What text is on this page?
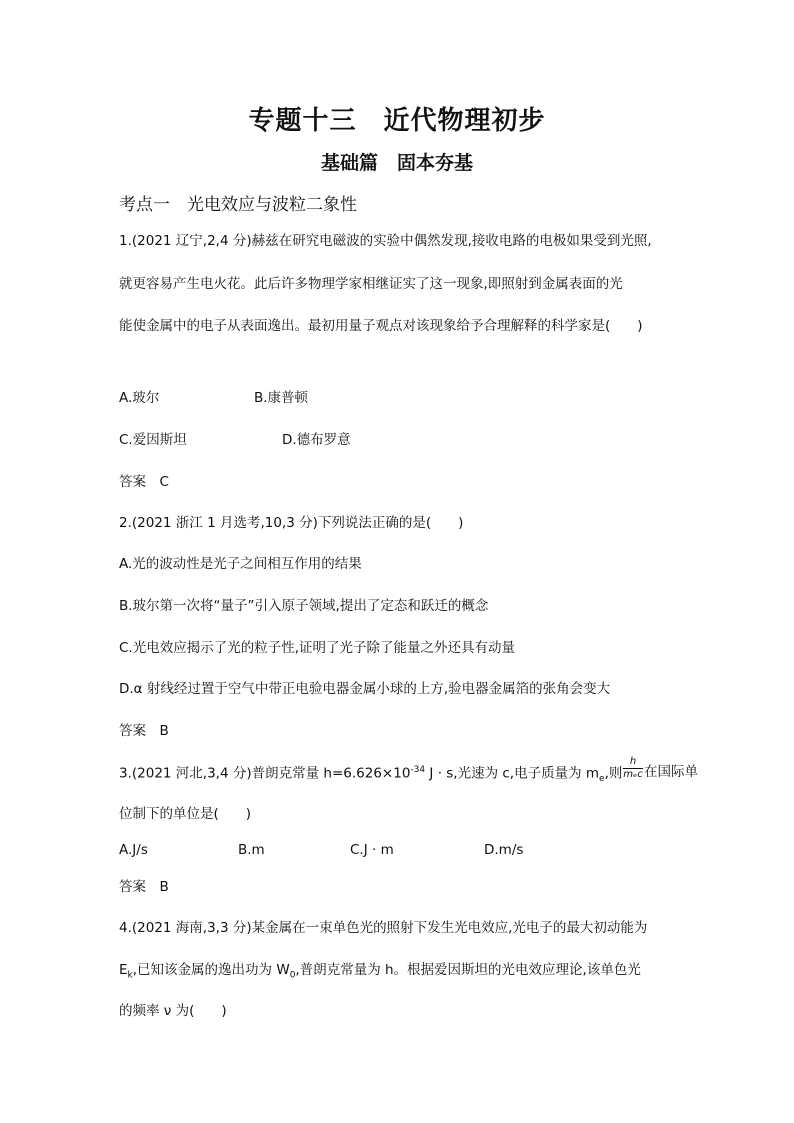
专题十三　近代物理初步
基础篇　固本夯基
考点一　光电效应与波粒二象性
1.(2021 辽宁,2,4 分)赫兹在研究电磁波的实验中偶然发现,接收电路的电极如果受到光照,
就更容易产生电火花。此后许多物理学家相继证实了这一现象,即照射到金属表面的光
能使金属中的电子从表面逸出。最初用量子观点对该现象给予合理解释的科学家是(　　)
A.玻尔	B.康普顿
C.爱因斯坦	D.德布罗意
答案　C
2.(2021 浙江 1 月选考,10,3 分)下列说法正确的是(　　)
A.光的波动性是光子之间相互作用的结果
B.玻尔第一次将“量子”引入原子领域,提出了定态和跃迁的概念
C.光电效应揭示了光的粒子性,证明了光子除了能量之外还具有动量
D.α 射线经过置于空气中带正电验电器金属小球的上方,验电器金属箔的张角会变大
答案　B
3.(2021 河北,3,4 分)普朗克常量 $h=6.626\times 10^{-34}$ J · s,光速为 c,电子质量为 $m_e$,则
h
mₑc 在国际单
位制下的单位是(　　)
A.J/s	B.m	C.J · m	D.m/s
答案　B
4.(2021 海南,3,3 分)某金属在一束单色光的照射下发生光电效应,光电子的最大初动能为
$E_k$,已知该金属的逸出功为 $W_0$,普朗克常量为 h。根据爱因斯坦的光电效应理论,该单色光
的频率 ν 为(　　)
